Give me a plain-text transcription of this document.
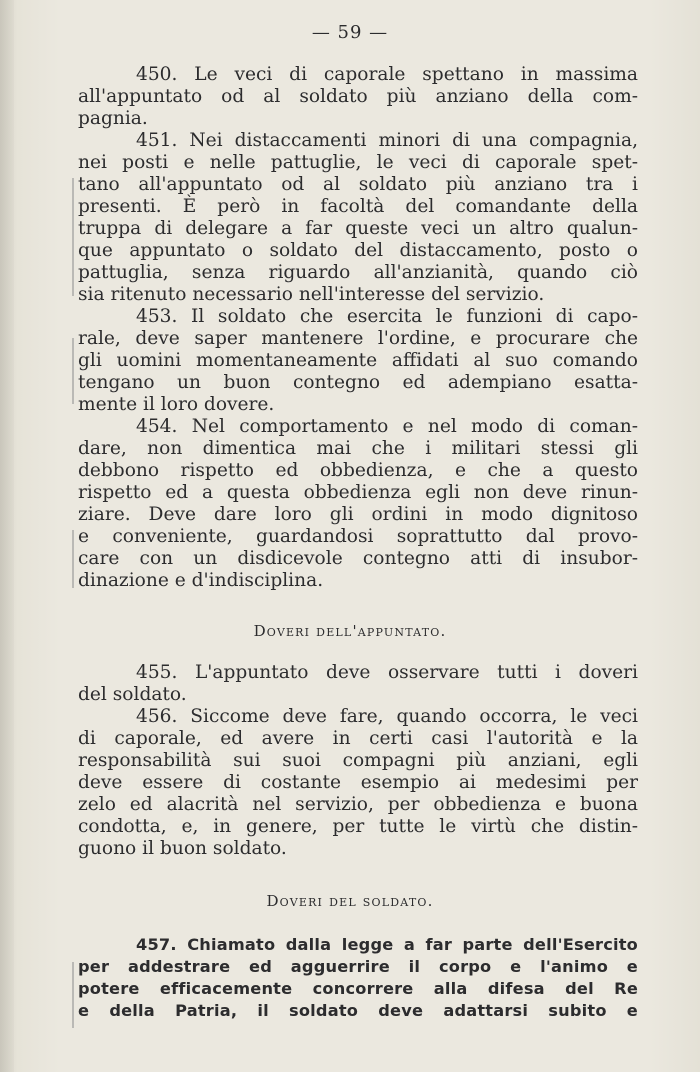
— 59 —
450. Le veci di caporale spettano in massima
all'appuntato od al soldato più anziano della com-
pagnia.
451. Nei distaccamenti minori di una compagnia,
nei posti e nelle pattuglie, le veci di caporale spet-
tano all'appuntato od al soldato più anziano tra i
presenti. È però in facoltà del comandante della
truppa di delegare a far queste veci un altro qualun-
que appuntato o soldato del distaccamento, posto o
pattuglia, senza riguardo all'anzianità, quando ciò
sia ritenuto necessario nell'interesse del servizio.
453. Il soldato che esercita le funzioni di capo-
rale, deve saper mantenere l'ordine, e procurare che
gli uomini momentaneamente affidati al suo comando
tengano un buon contegno ed adempiano esatta-
mente il loro dovere.
454. Nel comportamento e nel modo di coman-
dare, non dimentica mai che i militari stessi gli
debbono rispetto ed obbedienza, e che a questo
rispetto ed a questa obbedienza egli non deve rinun-
ziare. Deve dare loro gli ordini in modo dignitoso
e conveniente, guardandosi soprattutto dal provo-
care con un disdicevole contegno atti di insubor-
dinazione e d'indisciplina.
Doveri dell'appuntato.
455. L'appuntato deve osservare tutti i doveri
del soldato.
456. Siccome deve fare, quando occorra, le veci
di caporale, ed avere in certi casi l'autorità e la
responsabilità sui suoi compagni più anziani, egli
deve essere di costante esempio ai medesimi per
zelo ed alacrità nel servizio, per obbedienza e buona
condotta, e, in genere, per tutte le virtù che distin-
guono il buon soldato.
Doveri del soldato.
457. Chiamato dalla legge a far parte dell'Esercito
per addestrare ed agguerrire il corpo e l'animo e
potere efficacemente concorrere alla difesa del Re
e della Patria, il soldato deve adattarsi subito e
